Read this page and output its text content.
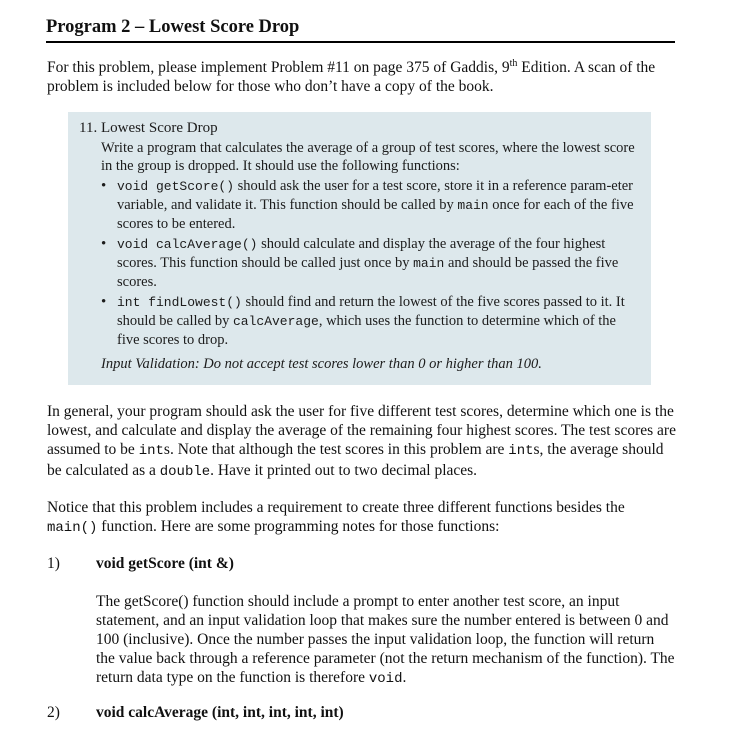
Program 2 – Lowest Score Drop
For this problem, please implement Problem #11 on page 375 of Gaddis, 9th Edition. A scan of the problem is included below for those who don’t have a copy of the book.
11. Lowest Score Drop
Write a program that calculates the average of a group of test scores, where the lowest score in the group is dropped. It should use the following functions:
• void getScore() should ask the user for a test score, store it in a reference param-eter variable, and validate it. This function should be called by main once for each of the five scores to be entered.
• void calcAverage() should calculate and display the average of the four highest scores. This function should be called just once by main and should be passed the five scores.
• int findLowest() should find and return the lowest of the five scores passed to it. It should be called by calcAverage, which uses the function to determine which of the five scores to drop.
Input Validation: Do not accept test scores lower than 0 or higher than 100.
In general, your program should ask the user for five different test scores, determine which one is the lowest, and calculate and display the average of the remaining four highest scores. The test scores are assumed to be ints. Note that although the test scores in this problem are ints, the average should be calculated as a double. Have it printed out to two decimal places.
Notice that this problem includes a requirement to create three different functions besides the main() function. Here are some programming notes for those functions:
1) void getScore (int &)
The getScore() function should include a prompt to enter another test score, an input statement, and an input validation loop that makes sure the number entered is between 0 and 100 (inclusive). Once the number passes the input validation loop, the function will return the value back through a reference parameter (not the return mechanism of the function). The return data type on the function is therefore void.
2) void calcAverage (int, int, int, int, int)
